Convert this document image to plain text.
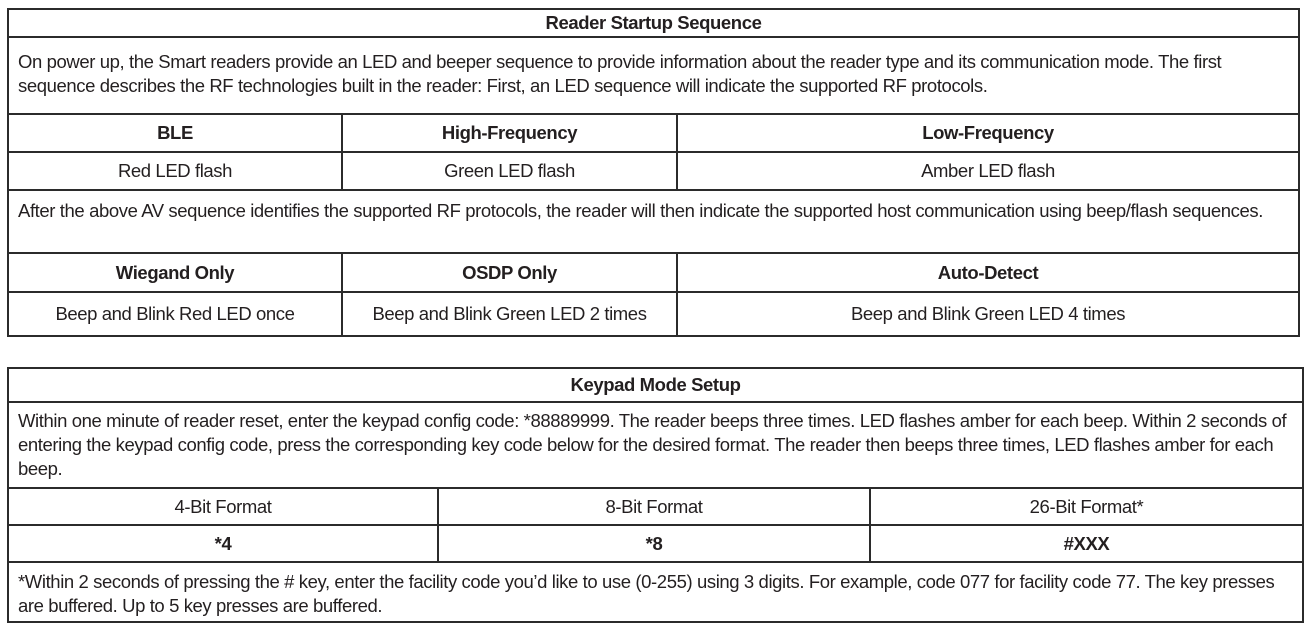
Reader Startup Sequence		
On power up, the Smart readers provide an LED and beeper sequence to provide information about the reader type and its communication mode. The first sequence describes the RF technologies built in the reader: First, an LED sequence will indicate the supported RF protocols.		
BLE	High-Frequency	Low-Frequency
Red LED flash	Green LED flash	Amber LED flash
After the above AV sequence identifies the supported RF protocols, the reader will then indicate the supported host communication using beep/flash sequences.		
Wiegand Only	OSDP Only	Auto-Detect
Beep and Blink Red LED once	Beep and Blink Green LED 2 times	Beep and Blink Green LED 4 times
Keypad Mode Setup		
Within one minute of reader reset, enter the keypad config code: *88889999. The reader beeps three times. LED flashes amber for each beep. Within 2 seconds of entering the keypad config code, press the corresponding key code below for the desired format. The reader then beeps three times, LED flashes amber for each beep.		
4-Bit Format	8-Bit Format	26-Bit Format*
*4	*8	#XXX
*Within 2 seconds of pressing the # key, enter the facility code you’d like to use (0-255) using 3 digits. For example, code 077 for facility code 77. The key presses are buffered. Up to 5 key presses are buffered.		
